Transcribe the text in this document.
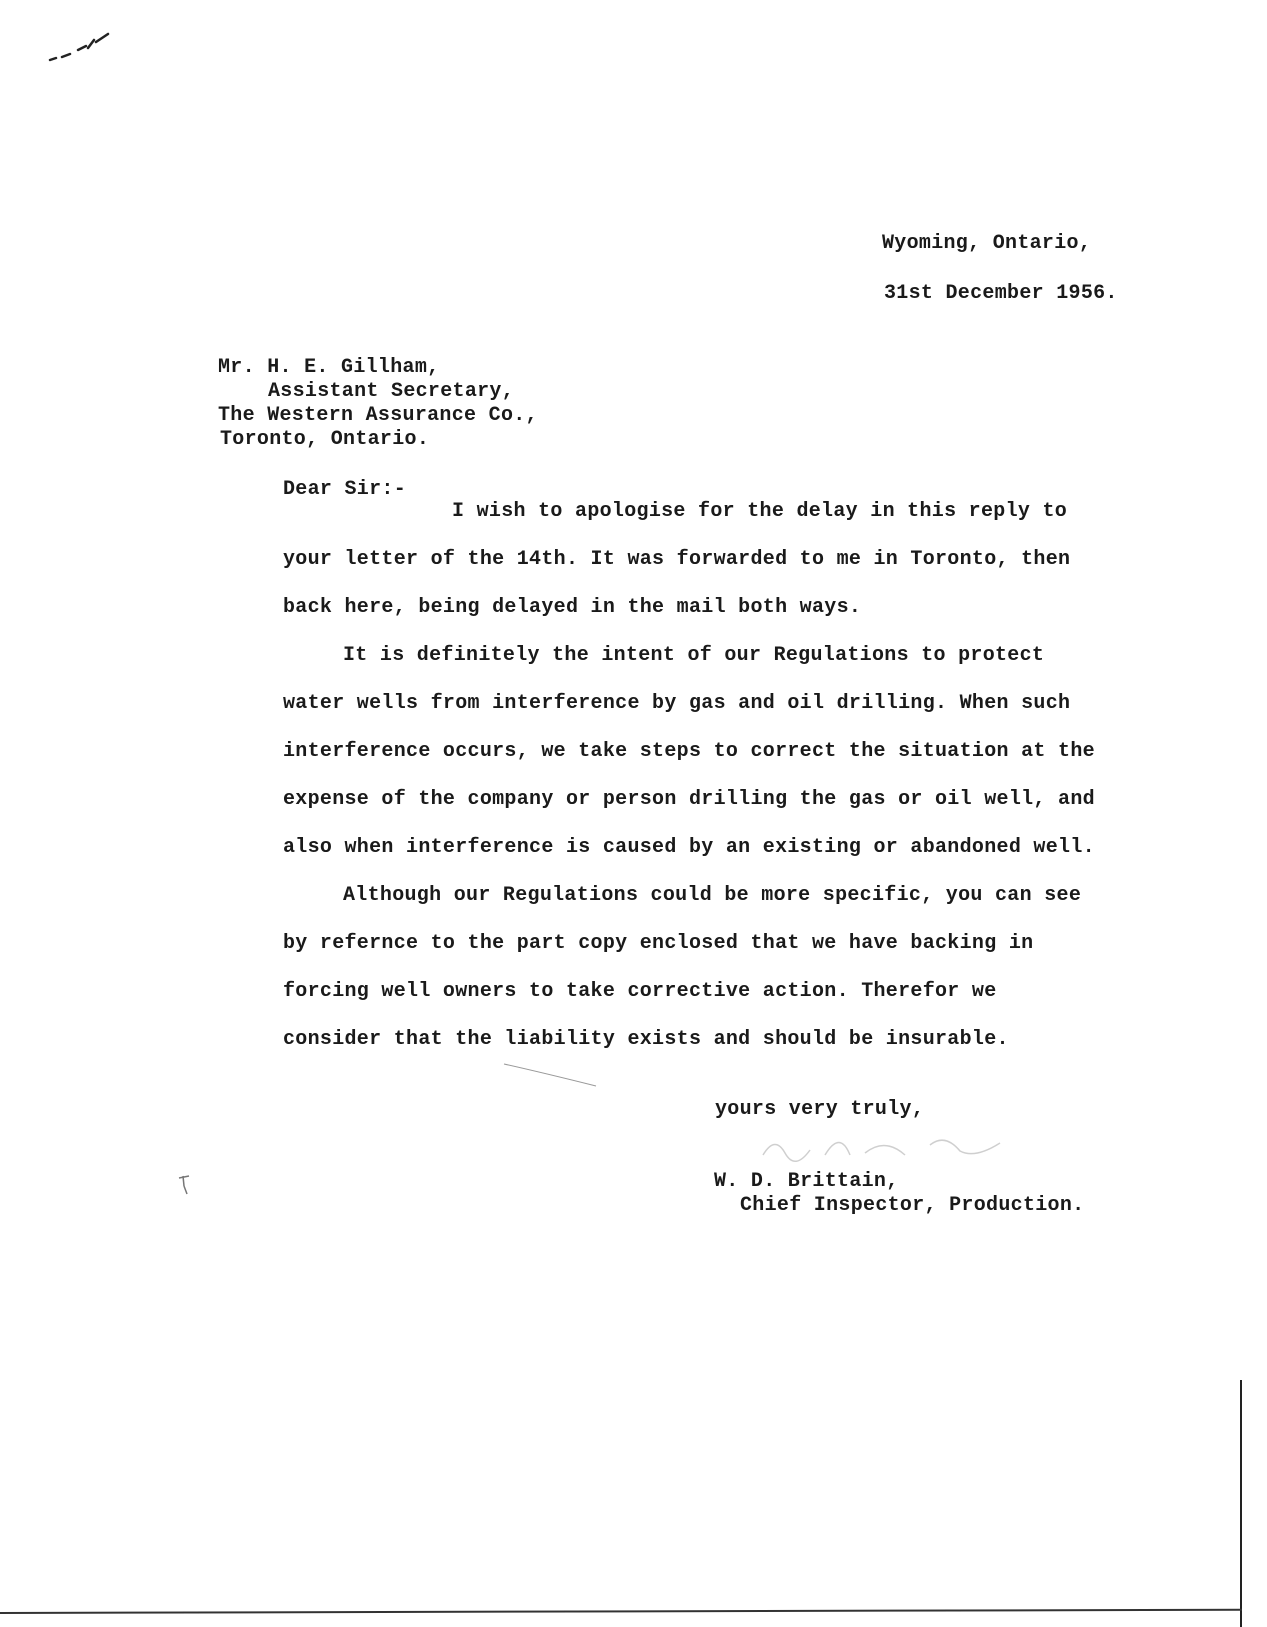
Wyoming, Ontario,
31st December 1956.
Mr. H. E. Gillham,
Assistant Secretary,
The Western Assurance Co.,
Toronto, Ontario.
Dear Sir:-
I wish to apologise for the delay in this reply to
your letter of the 14th. It was forwarded to me in Toronto, then
back here, being delayed in the mail both ways.
It is definitely the intent of our Regulations to protect
water wells from interference by gas and oil drilling. When such
interference occurs, we take steps to correct the situation at the
expense of the company or person drilling the gas or oil well, and
also when interference is caused by an existing or abandoned well.
Although our Regulations could be more specific, you can see
by refernce to the part copy enclosed that we have backing in
forcing well owners to take corrective action. Therefor we
consider that the liability exists and should be insurable.
yours very truly,
W. D. Brittain,
Chief Inspector, Production.
